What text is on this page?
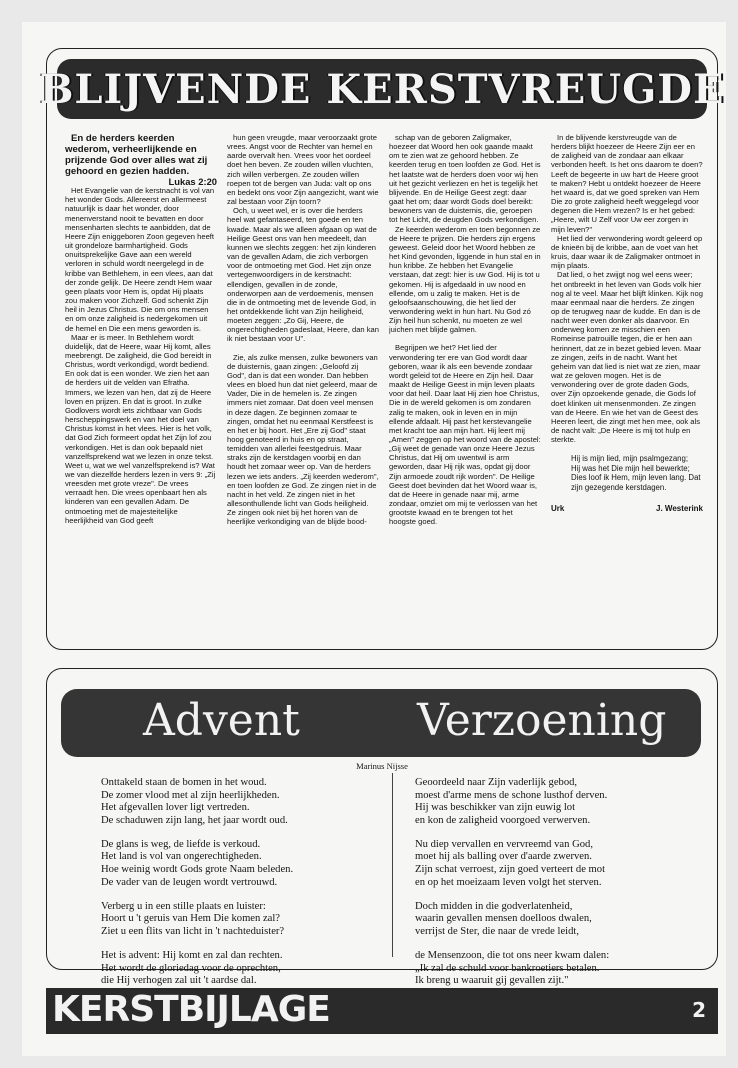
BLIJVENDE KERSTVREUGDE

En de herders keerden wederom, verheerlijkende en prijzende God over alles wat zij gehoord en gezien hadden.

Lukas 2:20

Het Evangelie van de kerstnacht is vol van het wonder Gods. Allereerst en allermeest natuurlijk is daar het wonder, door menenverstand nooit te bevatten en door mensenharten slechts te aanbidden, dat de Heere Zijn eniggeboren Zoon gegeven heeft uit grondeloze barmhartigheid. Gods onuitsprekelijke Gave aan een wereld verloren in schuld wordt neergelegd in de kribbe van Bethlehem, in een vlees, aan dat der zonde gelijk. De Heere zendt Hem waar geen plaats voor Hem is, opdat Hij plaats zou maken voor Zichzelf. God schenkt Zijn heil in Jezus Christus. Die om ons mensen en om onze zaligheid is nedergekomen uit de hemel en Die een mens geworden is.

Maar er is meer. In Bethlehem wordt duidelijk, dat de Heere, waar Hij komt, alles meebrengt. De zaligheid, die God bereidt in Christus, wordt verkondigd, wordt bediend. En ook dat is een wonder. We zien het aan de herders uit de velden van Efratha. Immers, we lezen van hen, dat zij de Heere loven en prijzen. En dat is groot. In zulke Godlovers wordt iets zichtbaar van Gods herscheppingswerk en van het doel van Christus komst in het vlees. Hier is het volk, dat God Zich formeert opdat het Zijn lof zou verkondigen. Het is dan ook bepaald niet vanzelfsprekend wat we lezen in onze tekst. Weet u, wat we wel vanzelfsprekend is? Wat we van diezelfde herders lezen in vers 9: „Zij vreesden met grote vreze". De vrees verraadt hen. Die vrees openbaart hen als kinderen van een gevallen Adam. De ontmoeting met de majesteitelijke heerlijkheid van God geeft

hun geen vreugde, maar veroorzaakt grote vrees. Angst voor de Rechter van hemel en aarde overvalt hen. Vrees voor het oordeel doet hen beven. Ze zouden willen vluchten, zich willen verbergen. Ze zouden willen roepen tot de bergen van Juda: valt op ons en bedekt ons voor Zijn aangezicht, want wie zal bestaan voor Zijn toorn?

Och, u weet wel, er is over die herders heel wat gefantaseerd, ten goede en ten kwade. Maar als we alleen afgaan op wat de Heilige Geest ons van hen meedeelt, dan kunnen we slechts zeggen: het zijn kinderen van de gevallen Adam, die zich verborgen voor de ontmoeting met God. Het zijn onze vertegenwoordigers in de kerstnacht: ellendigen, gevallen in de zonde, onderworpen aan de verdoemenis, mensen die in de ontmoeting met de levende God, in het ontdekkende licht van Zijn heiligheid, moeten zeggen: „Zo Gij, Heere, de ongerechtigheden gadeslaat, Heere, dan kan ik niet bestaan voor U".

Zie, als zulke mensen, zulke bewoners van de duisternis, gaan zingen: „Geloofd zij God", dan is dat een wonder. Dan hebben vlees en bloed hun dat niet geleerd, maar de Vader, Die in de hemelen is. Ze zingen immers niet zomaar. Dat doen veel mensen in deze dagen. Ze beginnen zomaar te zingen, omdat het nu eenmaal Kerstfeest is en het er bij hoort. Het „Ere zij God" staat hoog genoteerd in huis en op straat, temidden van allerlei feestgedruis. Maar straks zijn de kerstdagen voorbij en dan houdt het zomaar weer op. Van de herders lezen we iets anders. „Zij keerden wederom", en toen loofden ze God. Ze zingen niet in de nacht in het veld. Ze zingen niet in het allesonthullende licht van Gods heiligheid. Ze zingen ook niet bij het horen van de heerlijke verkondiging van de blijde bood-

schap van de geboren Zaligmaker, hoezeer dat Woord hen ook gaande maakt om te zien wat ze gehoord hebben. Ze keerden terug en toen loofden ze God. Het is het laatste wat de herders doen voor wij hen uit het gezicht verliezen en het is tegelijk het blijvende. En de Heilige Geest zegt: daar gaat het om; daar wordt Gods doel bereikt: bewoners van de duisternis, die, geroepen tot het Licht, de deugden Gods verkondigen.

Ze keerden wederom en toen begonnen ze de Heere te prijzen. Die herders zijn ergens geweest. Geleid door het Woord hebben ze het Kind gevonden, liggende in hun stal en in hun kribbe. Ze hebben het Evangelie verstaan, dat zegt: hier is uw God. Hij is tot u gekomen. Hij is afgedaald in uw nood en ellende, om u zalig te maken. Het is de geloofsaanschouwing, die het lied der verwondering wekt in hun hart. Nu God zó Zijn heil hun schenkt, nu moeten ze wel juichen met blijde galmen.

Begrijpen we het? Het lied der verwondering ter ere van God wordt daar geboren, waar ik als een bevende zondaar wordt geleid tot de Heere en Zijn heil. Daar maakt de Heilige Geest in mijn leven plaats voor dat heil. Daar laat Hij zien hoe Christus, Die in de wereld gekomen is om zondaren zalig te maken, ook in leven en in mijn ellende afdaalt. Hij past het kerstevangelie met kracht toe aan mijn hart. Hij leert mij „Amen" zeggen op het woord van de apostel: „Gij weet de genade van onze Heere Jezus Christus, dat Hij om uwentwil is arm geworden, daar Hij rijk was, opdat gij door Zijn armoede zoudt rijk worden". De Heilige Geest doet bevinden dat het Woord waar is, dat de Heere in genade naar mij, arme zondaar, omziet om mij te verlossen van het grootste kwaad en te brengen tot het hoogste goed.

In de blijvende kerstvreugde van de herders blijkt hoezeer de Heere Zijn eer en de zaligheid van de zondaar aan elkaar verbonden heeft. Is het ons daarom te doen? Leeft de begeerte in uw hart de Heere groot te maken? Hebt u ontdekt hoezeer de Heere het waard is, dat we goed spreken van Hem Die zo grote zaligheid heeft weggelegd voor degenen die Hem vrezen? Is er het gebed: „Heere, wilt U Zelf voor Uw eer zorgen in mijn leven?"

Het lied der verwondering wordt geleerd op de knieën bij de kribbe, aan de voet van het kruis, daar waar ik de Zaligmaker ontmoet in mijn plaats.

Dat lied, o het zwijgt nog wel eens weer; het ontbreekt in het leven van Gods volk hier nog al te veel. Maar het blijft klinken. Kijk nog maar eenmaal naar die herders. Ze zingen op de terugweg naar de kudde. En dan is de nacht weer even donker als daarvoor. En onderweg komen ze misschien een Romeinse patrouille tegen, die er hen aan herinnert, dat ze in bezet gebied leven. Maar ze zingen, zeifs in de nacht. Want het geheim van dat lied is niet wat ze zien, maar wat ze geloven mogen. Het is de verwondering over de grote daden Gods, over Zijn opzoekende genade, die Gods lof doet klinken uit mensenmonden. Ze zingen van de Heere. En wie het van de Geest des Heeren leert, die zingt met hen mee, ook als de nacht valt: „De Heere is mij tot hulp en sterkte.

Hij is mijn lied, mijn psalmgezang;
Hij was het Die mijn heil bewerkte;
Dies loof ik Hem, mijn leven lang. Dat zijn gezegende kerstdagen.
Urk	J. Westerink
Advent	Verzoening
Marinus Nijsse
Onttakeld staan de bomen in het woud.
De zomer vlood met al zijn heerlijkheden.
Het afgevallen lover ligt vertreden.
De schaduwen zijn lang, het jaar wordt oud.
De glans is weg, de liefde is verkoud.
Het land is vol van ongerechtigheden.
Hoe weinig wordt Gods grote Naam beleden.
De vader van de leugen wordt vertrouwd.
Verberg u in een stille plaats en luister:
Hoort u 't geruis van Hem Die komen zal?
Ziet u een flits van licht in 't nachteduister?
Het is advent: Hij komt en zal dan rechten.
Het wordt de gloriedag voor de oprechten,
die Hij verhogen zal uit 't aardse dal.
Geoordeeld naar Zijn vaderlijk gebod,
moest d'arme mens de schone lusthof derven.
Hij was beschikker van zijn euwig lot
en kon de zaligheid voorgoed verwerven.
Nu diep vervallen en vervreemd van God,
moet hij als balling over d'aarde zwerven.
Zijn schat verroest, zijn goed verteert de mot
en op het moeizaam leven volgt het sterven.
Doch midden in die godverlatenheid,
waarin gevallen mensen doelloos dwalen,
verrijst de Ster, die naar de vrede leidt,
de Mensenzoon, die tot ons neer kwam dalen:
„Ik zal de schuld voor bankroetiers betalen.
Ik breng u waaruit gij gevallen zijt."
KERSTBIJLAGE	2
